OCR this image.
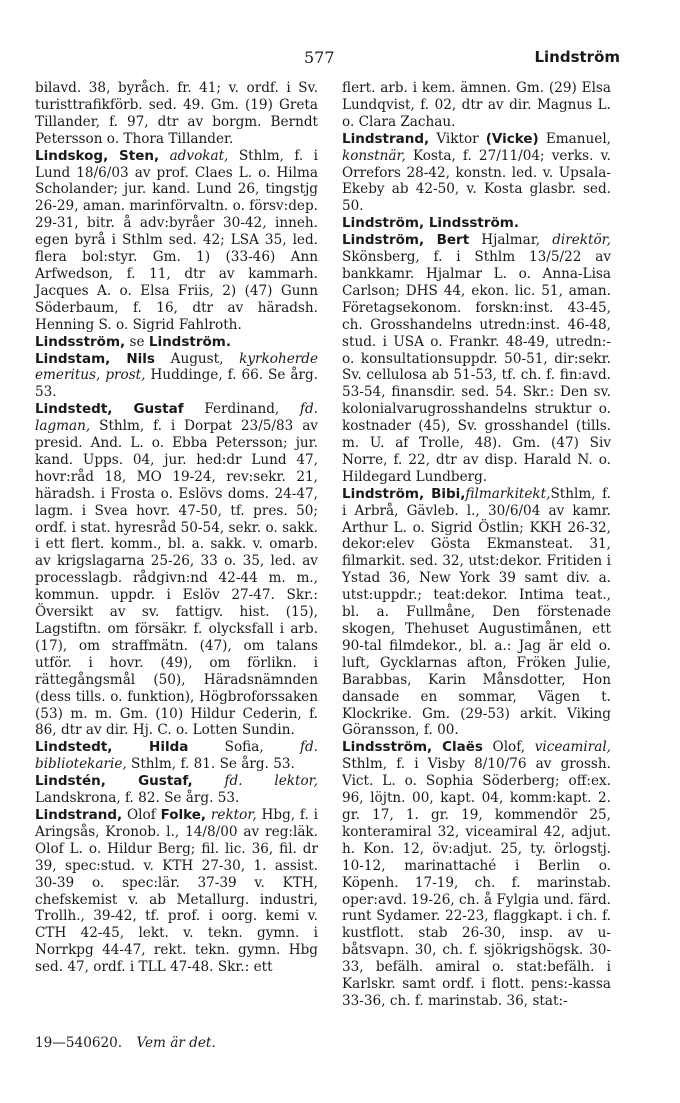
577	Lindström

bilavd. 38, byråch. fr. 41; v. ordf. i Sv. turisttrafikförb. sed. 49. Gm. (19) Greta Tillander, f. 97, dtr av borgm. Berndt Petersson o. Thora Tillander.

Lindskog, Sten, advokat, Sthlm, f. i Lund 18/6/03 av prof. Claes L. o. Hilma Scholander; jur. kand. Lund 26, tingstjg 26-29, aman. marinförvaltn. o. försv:dep. 29-31, bitr. å adv:byråer 30-42, inneh. egen byrå i Sthlm sed. 42; LSA 35, led. flera bol:styr. Gm. 1) (33-46) Ann Arfwedson, f. 11, dtr av kammarh. Jacques A. o. Elsa Friis, 2) (47) Gunn Söderbaum, f. 16, dtr av häradsh. Henning S. o. Sigrid Fahlroth.

Lindsström, se Lindström.

Lindstam, Nils August, kyrkoherde emeritus, prost, Huddinge, f. 66. Se årg. 53.

Lindstedt, Gustaf Ferdinand, fd. lagman, Sthlm, f. i Dorpat 23/5/83 av presid. And. L. o. Ebba Petersson; jur. kand. Upps. 04, jur. hed:dr Lund 47, hovr:råd 18, MO 19-24, rev:sekr. 21, häradsh. i Frosta o. Eslövs doms. 24-47, lagm. i Svea hovr. 47-50, tf. pres. 50; ordf. i stat. hyresråd 50-54, sekr. o. sakk. i ett flert. komm., bl. a. sakk. v. omarb. av krigslagarna 25-26, 33 o. 35, led. av processlagb. rådgivn:nd 42-44 m. m., kommun. uppdr. i Eslöv 27-47. Skr.: Översikt av sv. fattigv. hist. (15), Lagstiftn. om försäkr. f. olycksfall i arb. (17), om straffmätn. (47), om talans utför. i hovr. (49), om förlikn. i rättegångsmål (50), Häradsnämnden (dess tills. o. funktion), Högbroforssaken (53) m. m. Gm. (10) Hildur Cederin, f. 86, dtr av dir. Hj. C. o. Lotten Sundin.

Lindstedt, Hilda	Sofia,	fd. bibliotekarie, Sthlm, f. 81. Se årg. 53.

Lindstén, Gustaf, fd. lektor, Landskrona, f. 82. Se årg. 53.

Lindstrand, Olof Folke, rektor, Hbg, f. i Aringsås, Kronob. l., 14/8/00 av reg:läk. Olof L. o. Hildur Berg; fil. lic. 36, fil. dr 39, spec:stud. v. KTH 27-30, 1. assist. 30-39 o. spec:lär. 37-39 v. KTH, chefskemist v. ab Metallurg. industri, Trollh., 39-42, tf. prof. i oorg. kemi v. CTH 42-45, lekt. v. tekn. gymn. i Norrkpg 44-47, rekt. tekn. gymn. Hbg sed. 47, ordf. i TLL 47-48. Skr.: ett

flert. arb. i kem. ämnen. Gm. (29) Elsa Lundqvist, f. 02, dtr av dir. Magnus L. o. Clara Zachau.

Lindstrand, Viktor (Vicke) Emanuel, konstnär, Kosta, f. 27/11/04; verks. v. Orrefors 28-42, konstn. led. v. Upsala-Ekeby ab 42-50, v. Kosta glasbr. sed. 50.

Lindström, Lindsström.

Lindström, Bert Hjalmar, direktör, Skönsberg, f. i Sthlm 13/5/22 av bankkamr. Hjalmar L. o. Anna-Lisa Carlson; DHS 44, ekon. lic. 51, aman. Företagsekonom. forskn:inst. 43-45, ch. Grosshandelns utredn:inst. 46-48, stud. i USA o. Frankr. 48-49, utredn:- o. konsultationsuppdr. 50-51, dir:sekr. Sv. cellulosa ab 51-53, tf. ch. f. fin:avd. 53-54, finansdir. sed. 54. Skr.: Den sv. kolonialvarugrosshandelns struktur o. kostnader (45), Sv. grosshandel (tills. m. U. af Trolle, 48). Gm. (47) Siv Norre, f. 22, dtr av disp. Harald N. o. Hildegard Lundberg.

Lindström, Bibi,filmarkitekt,Sthlm, f. i Arbrå, Gävleb. l., 30/6/04 av kamr. Arthur L. o. Sigrid Östlin; KKH 26-32, dekor:elev Gösta Ekmansteat. 31, filmarkit. sed. 32, utst:dekor. Fritiden i Ystad 36, New York 39 samt div. a. utst:uppdr.; teat:dekor. Intima teat., bl. a. Fullmåne, Den förstenade skogen, Thehuset Augustimånen, ett 90-tal filmdekor., bl. a.: Jag är eld o. luft, Gycklarnas afton, Fröken Julie, Barabbas, Karin Månsdotter, Hon dansade en sommar, Vägen t. Klockrike. Gm. (29-53) arkit. Viking Göransson, f. 00.

Lindsström, Claës Olof, viceamiral, Sthlm, f. i Visby 8/10/76 av grossh. Vict. L. o. Sophia Söderberg; off:ex. 96, löjtn. 00, kapt. 04, komm:kapt. 2. gr. 17, 1. gr. 19, kommendör 25, konteramiral 32, viceamiral 42, adjut. h. Kon. 12, öv:adjut. 25, ty. örlogstj. 10-12, marinattaché i Berlin o. Köpenh. 17-19, ch. f. marinstab. oper:avd. 19-26, ch. å Fylgia und. färd. runt Sydamer. 22-23, flaggkapt. i ch. f. kustflott. stab 26-30, insp. av u-båtsvapn. 30, ch. f. sjökrigshögsk. 30-33, befälh. amiral o. stat:befälh. i Karlskr. samt ordf. i flott. pens:-kassa 33-36, ch. f. marinstab. 36, stat:-

19—540620. Vem är det.
